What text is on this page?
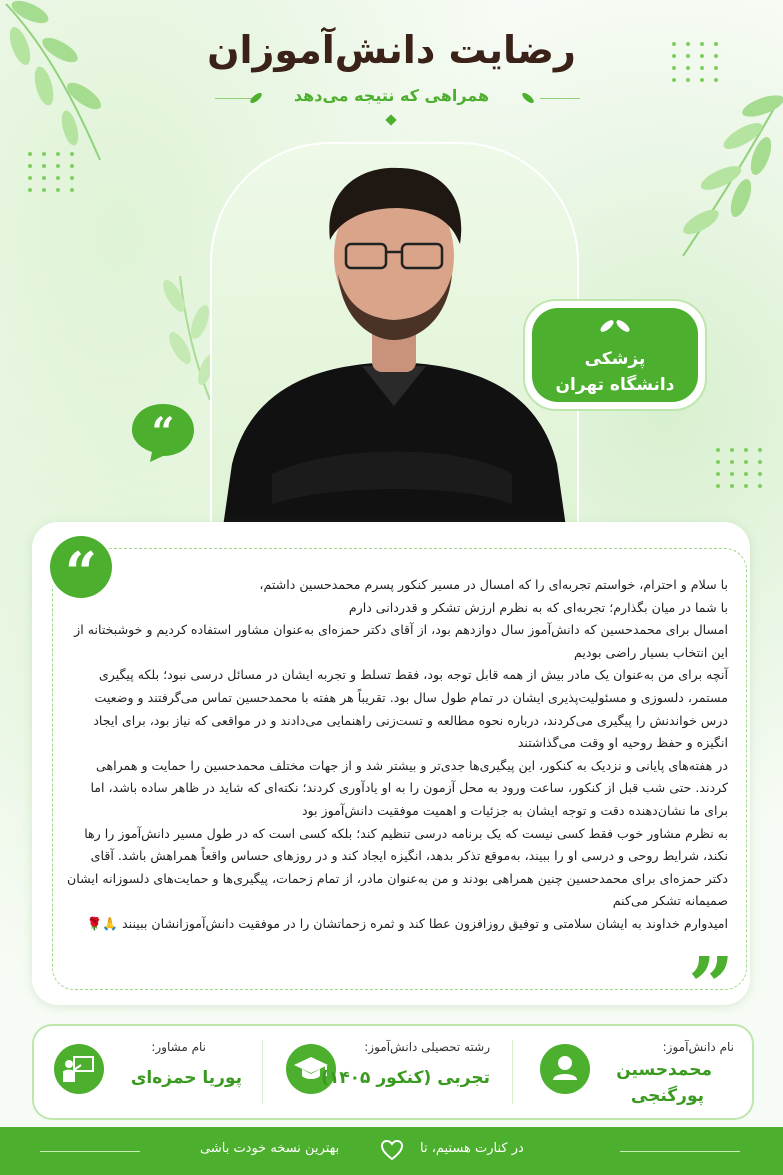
رضایت دانش‌آموزان
همراهی که نتیجه می‌دهد
پزشکی
دانشگاه تهران
“
“
”

با سلام و احترام، خواستم تجربه‌ای را که امسال در مسیر کنکور پسرم محمدحسین داشتم،

با شما در میان بگذارم؛ تجربه‌ای که به نظرم ارزش تشکر و قدردانی دارم

امسال برای محمدحسین که دانش‌آموز سال دوازدهم بود، از آقای دکتر حمزه‌ای به‌عنوان مشاور استفاده کردیم و خوشبختانه از این انتخاب بسیار راضی بودیم

آنچه برای من به‌عنوان یک مادر بیش از همه قابل توجه بود، فقط تسلط و تجربه ایشان در مسائل درسی نبود؛ بلکه پیگیری مستمر، دلسوزی و مسئولیت‌پذیری ایشان در تمام طول سال بود. تقریباً هر هفته با محمدحسین تماس می‌گرفتند و وضعیت درس خواندنش را پیگیری می‌کردند، درباره نحوه مطالعه و تست‌زنی راهنمایی می‌دادند و در مواقعی که نیاز بود، برای ایجاد انگیزه و حفظ روحیه او وقت می‌گذاشتند

در هفته‌های پایانی و نزدیک به کنکور، این پیگیری‌ها جدی‌تر و بیشتر شد و از جهات مختلف محمدحسین را حمایت و همراهی کردند. حتی شب قبل از کنکور، ساعت ورود به محل آزمون را به او یادآوری کردند؛ نکته‌ای که شاید در ظاهر ساده باشد، اما برای ما نشان‌دهنده دقت و توجه ایشان به جزئیات و اهمیت موفقیت دانش‌آموز بود

به نظرم مشاور خوب فقط کسی نیست که یک برنامه درسی تنظیم کند؛ بلکه کسی است که در طول مسیر دانش‌آموز را رها نکند، شرایط روحی و درسی او را ببیند، به‌موقع تذکر بدهد، انگیزه ایجاد کند و در روزهای حساس واقعاً همراهش باشد. آقای دکتر حمزه‌ای برای محمدحسین چنین همراهی بودند و من به‌عنوان مادر، از تمام زحمات، پیگیری‌ها و حمایت‌های دلسوزانه ایشان صمیمانه تشکر می‌کنم

امیدوارم خداوند به ایشان سلامتی و توفیق روزافزون عطا کند و ثمره زحماتشان را در موفقیت دانش‌آموزانشان ببینند 🙏🌹

نام دانش‌آموز:
محمدحسین
پورگنجی
رشته تحصیلی دانش‌آموز:
تجربی (کنکور ۱۴۰۵)
نام مشاور:
پوریا حمزه‌ای
بهترین نسخه خودت باشی	در کنارت هستیم، تا
